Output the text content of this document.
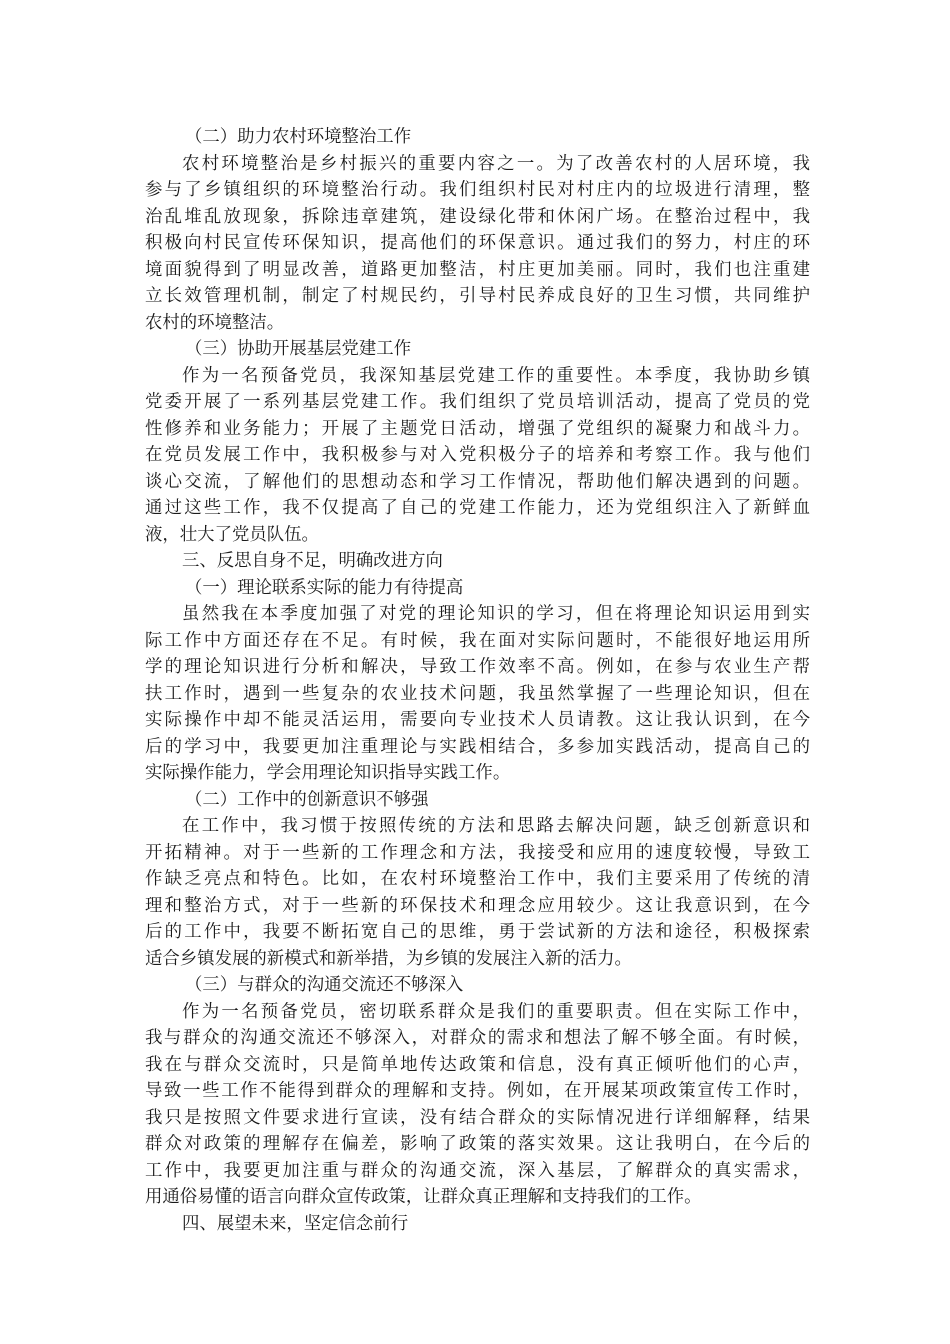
（二）助力农村环境整治工作
农村环境整治是乡村振兴的重要内容之一。为了改善农村的人居环境，我
参与了乡镇组织的环境整治行动。我们组织村民对村庄内的垃圾进行清理，整
治乱堆乱放现象，拆除违章建筑，建设绿化带和休闲广场。在整治过程中，我
积极向村民宣传环保知识，提高他们的环保意识。通过我们的努力，村庄的环
境面貌得到了明显改善，道路更加整洁，村庄更加美丽。同时，我们也注重建
立长效管理机制，制定了村规民约，引导村民养成良好的卫生习惯，共同维护
农村的环境整洁。
（三）协助开展基层党建工作
作为一名预备党员，我深知基层党建工作的重要性。本季度，我协助乡镇
党委开展了一系列基层党建工作。我们组织了党员培训活动，提高了党员的党
性修养和业务能力；开展了主题党日活动，增强了党组织的凝聚力和战斗力。
在党员发展工作中，我积极参与对入党积极分子的培养和考察工作。我与他们
谈心交流，了解他们的思想动态和学习工作情况，帮助他们解决遇到的问题。
通过这些工作，我不仅提高了自己的党建工作能力，还为党组织注入了新鲜血
液，壮大了党员队伍。
三、反思自身不足，明确改进方向
（一）理论联系实际的能力有待提高
虽然我在本季度加强了对党的理论知识的学习，但在将理论知识运用到实
际工作中方面还存在不足。有时候，我在面对实际问题时，不能很好地运用所
学的理论知识进行分析和解决，导致工作效率不高。例如，在参与农业生产帮
扶工作时，遇到一些复杂的农业技术问题，我虽然掌握了一些理论知识，但在
实际操作中却不能灵活运用，需要向专业技术人员请教。这让我认识到，在今
后的学习中，我要更加注重理论与实践相结合，多参加实践活动，提高自己的
实际操作能力，学会用理论知识指导实践工作。
（二）工作中的创新意识不够强
在工作中，我习惯于按照传统的方法和思路去解决问题，缺乏创新意识和
开拓精神。对于一些新的工作理念和方法，我接受和应用的速度较慢，导致工
作缺乏亮点和特色。比如，在农村环境整治工作中，我们主要采用了传统的清
理和整治方式，对于一些新的环保技术和理念应用较少。这让我意识到，在今
后的工作中，我要不断拓宽自己的思维，勇于尝试新的方法和途径，积极探索
适合乡镇发展的新模式和新举措，为乡镇的发展注入新的活力。
（三）与群众的沟通交流还不够深入
作为一名预备党员，密切联系群众是我们的重要职责。但在实际工作中，
我与群众的沟通交流还不够深入，对群众的需求和想法了解不够全面。有时候，
我在与群众交流时，只是简单地传达政策和信息，没有真正倾听他们的心声，
导致一些工作不能得到群众的理解和支持。例如，在开展某项政策宣传工作时，
我只是按照文件要求进行宣读，没有结合群众的实际情况进行详细解释，结果
群众对政策的理解存在偏差，影响了政策的落实效果。这让我明白，在今后的
工作中，我要更加注重与群众的沟通交流，深入基层，了解群众的真实需求，
用通俗易懂的语言向群众宣传政策，让群众真正理解和支持我们的工作。
四、展望未来，坚定信念前行
